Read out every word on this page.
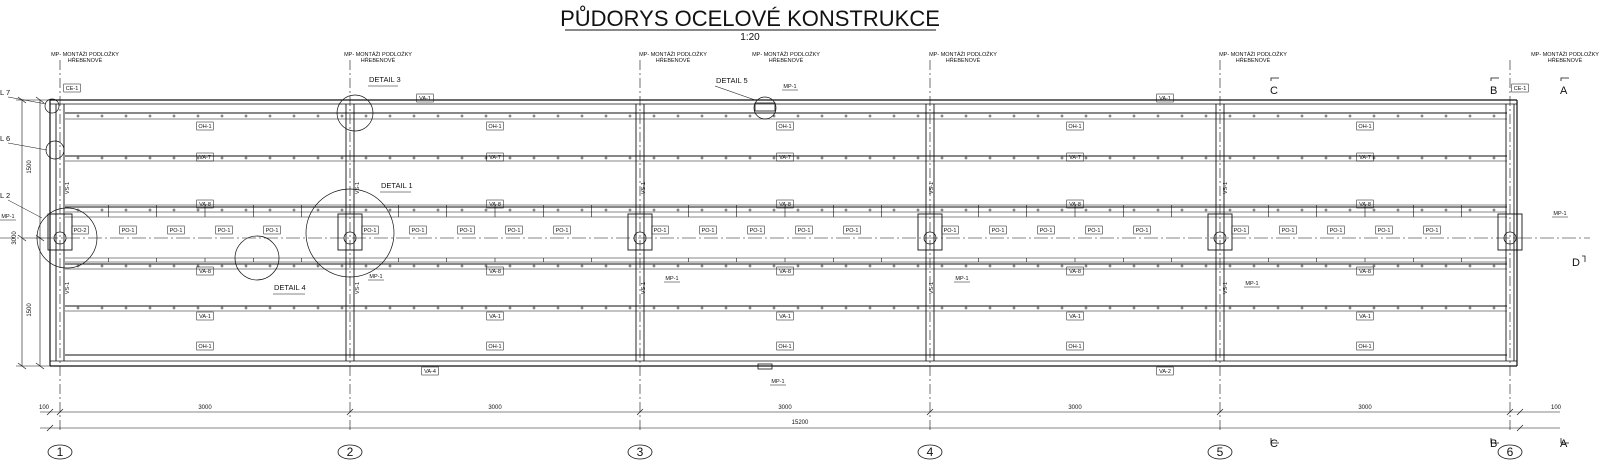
PŮDORYS OCELOVÉ KONSTRUKCE
1:20
1	2	3	4	5	6
OH-1
VA-7
VA-8
VA-8
VA-1
OH-1
PO-2	PO-1	PO-1	PO-1	PO-1
OH-1
VA-7
VA-8
VA-8
VA-1
OH-1
PO-1	PO-1	PO-1	PO-1	PO-1
OH-1
VA-7
VA-8
VA-8
VA-1
OH-1
PO-1	PO-1	PO-1	PO-1	PO-1
OH-1
VA-7
VA-8
VA-8
VA-1
OH-1
PO-1	PO-1	PO-1	PO-1	PO-1
OH-1
VA-7
VA-8
VA-8
VA-1
OH-1
PO-1	PO-1	PO-1	PO-1	PO-1
VA-1	VA-1
VA-4	VA-2
CE-1	CE-1
VS-1
VS-1
VS-1
VS-1
VS-1
VS-1
VS-1
VS-1
VS-1
VS-1
MP-1	MP-1	MP-1
MP-1
MP-1
MP-1
MP-1
MP-1
MP- MONTÁŽI PODLOŽKY
HŘEBENOVÉ
MP- MONTÁŽI PODLOŽKY
HŘEBENOVÉ
MP- MONTÁŽI PODLOŽKY
HŘEBENOVÉ
MP- MONTÁŽI PODLOŽKY
HŘEBENOVÉ
MP- MONTÁŽI PODLOŽKY
HŘEBENOVÉ
MP- MONTÁŽI PODLOŽKY
HŘEBENOVÉ
MP- MONTÁŽI PODLOŽKY
HŘEBENOVÉ
3000	3000	3000	3000	3000
DETAIL 1
DETAIL 3
DETAIL 4
DETAIL 5
L 7
L 6
L 2
C	B	A
C	B	A
D
1500
1500
3000
100	100
15200
